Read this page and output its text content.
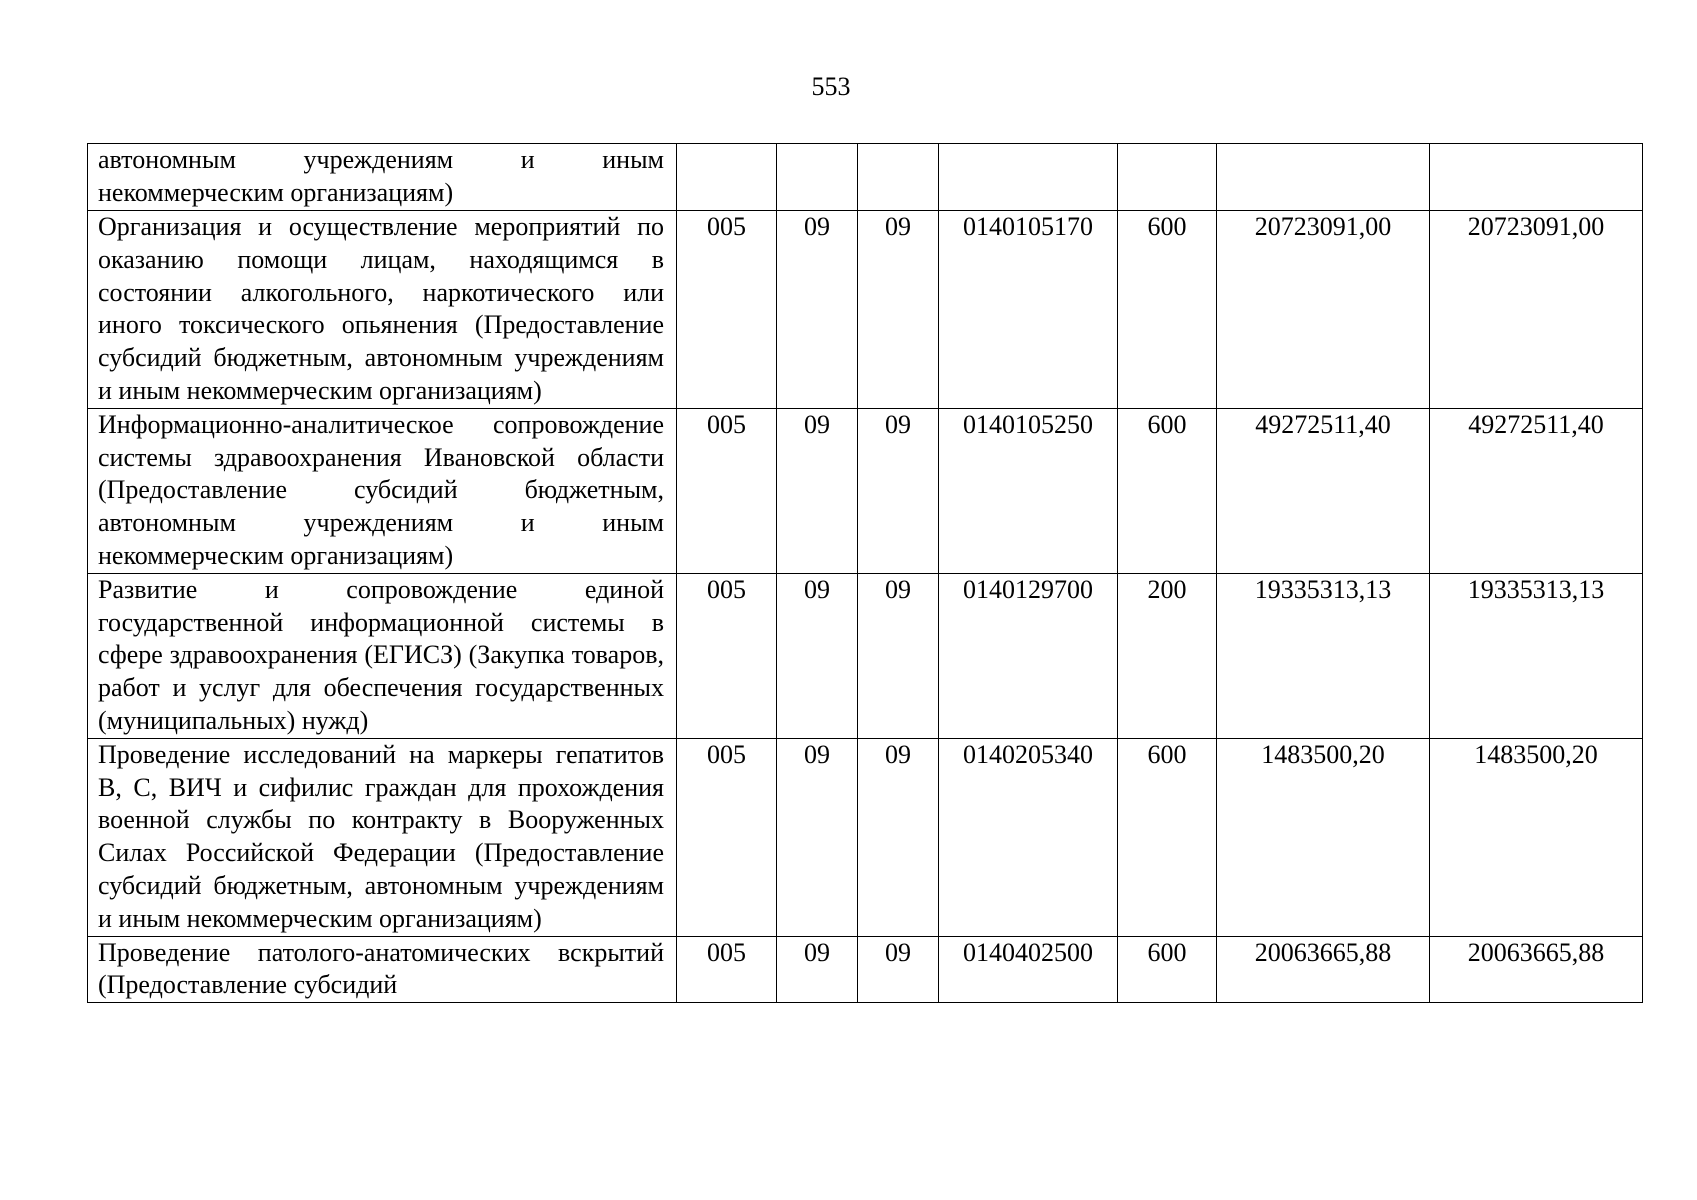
553
автономным учреждениям и иным некоммерческим организациям)							
Организация и осуществление мероприятий по оказанию помощи лицам, находящимся в состоянии алкогольного, наркотического или иного токсического опьянения (Предоставление субсидий бюджетным, автономным учреждениям и иным некоммерческим организациям)	005	09	09	0140105170	600	20723091,00	20723091,00
Информационно-аналитическое сопровождение системы здравоохранения Ивановской области (Предоставление субсидий бюджетным, автономным учреждениям и иным некоммерческим организациям)	005	09	09	0140105250	600	49272511,40	49272511,40
Развитие и сопровождение единой государственной информационной системы в сфере здравоохранения (ЕГИСЗ) (Закупка товаров, работ и услуг для обеспечения государственных (муниципальных) нужд)	005	09	09	0140129700	200	19335313,13	19335313,13
Проведение исследований на маркеры гепатитов B, C, ВИЧ и сифилис граждан для прохождения военной службы по контракту в Вооруженных Силах Российской Федерации (Предоставление субсидий бюджетным, автономным учреждениям и иным некоммерческим организациям)	005	09	09	0140205340	600	1483500,20	1483500,20
Проведение патолого-анатомических вскрытий (Предоставление субсидий	005	09	09	0140402500	600	20063665,88	20063665,88
